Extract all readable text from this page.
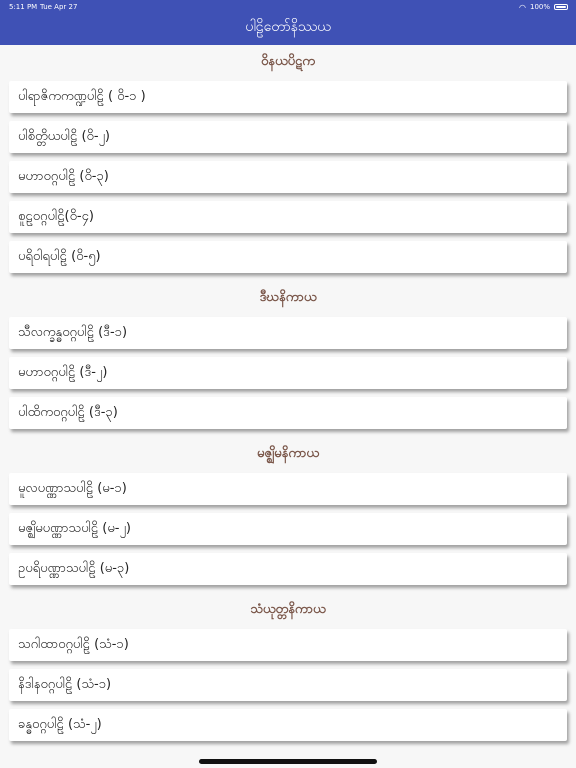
5:11 PM Tue Apr 27	◠ 100%
ပါဠိတော်နိဿယ
ဝိနယပိဋက
ပါရာဇိကကဏ္ဍပါဠိ ( ဝိ-၁ )
ပါစိတ္တိယပါဠိ (ဝိ-၂)
မဟာဝဂ္ဂပါဠိ (ဝိ-၃)
စူဠဝဂ္ဂပါဠိ(ဝိ-၄)
ပရိဝါရပါဠိ (ဝိ-၅)
ဒီဃနိကာယ
သီလက္ခန္ဓဝဂ္ဂပါဠိ (ဒီ-၁)
မဟာဝဂ္ဂပါဠိ (ဒီ-၂)
ပါထိကဝဂ္ဂပါဠိ (ဒီ-၃)
မဇ္ဈိမနိကာယ
မူလပဏ္ဏာသပါဠိ (မ-၁)
မဇ္ဈိမပဏ္ဏာသပါဠိ (မ-၂)
ဥပရိပဏ္ဏာသပါဠိ (မ-၃)
သံယုတ္တနိကာယ
သဂါထာဝဂ္ဂပါဠိ (သံ-၁)
နိဒါနဝဂ္ဂပါဠိ (သံ-၁)
ခန္ဓဝဂ္ဂပါဠိ (သံ-၂)
